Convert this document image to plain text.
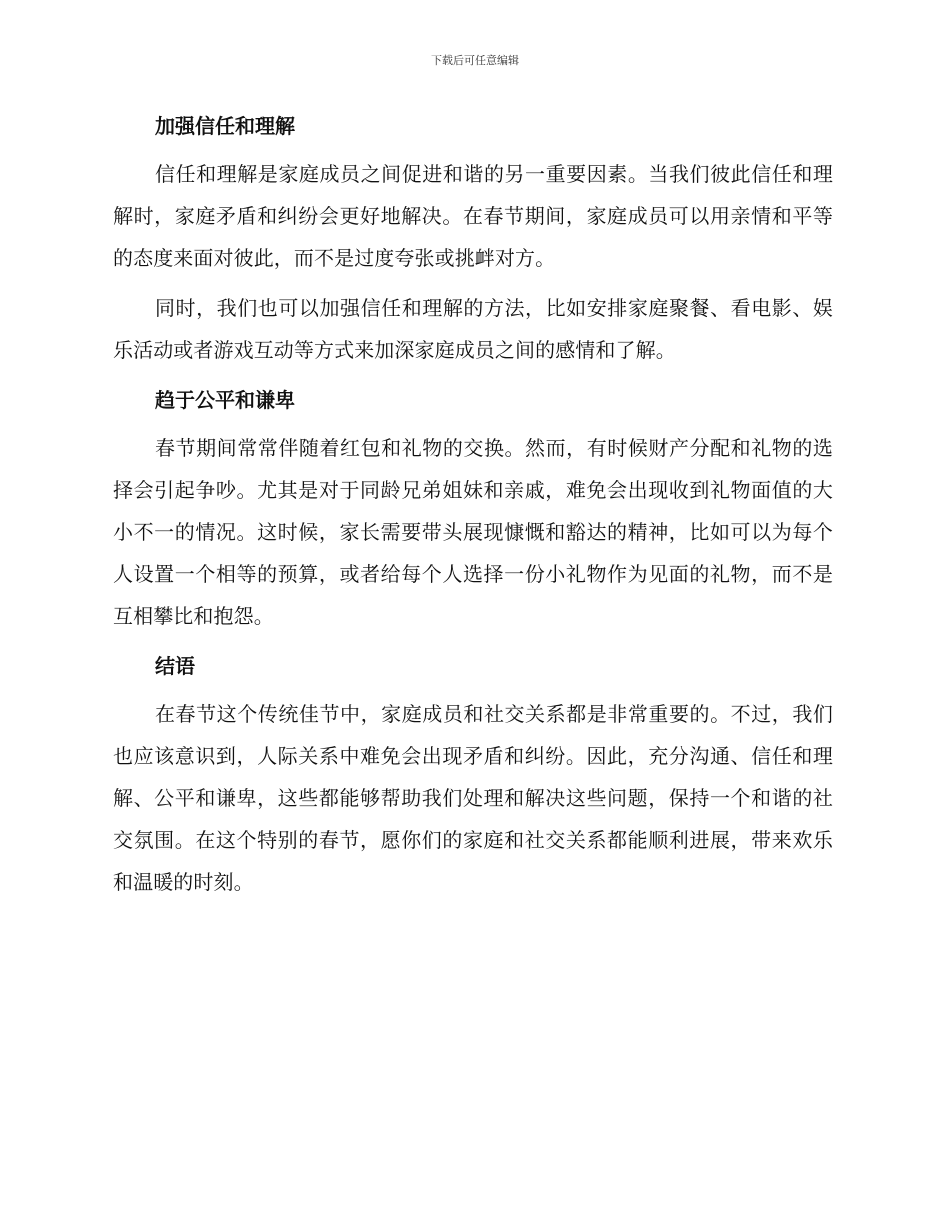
下载后可任意编辑
加强信任和理解

信任和理解是家庭成员之间促进和谐的另一重要因素。当我们彼此信任和理解时，家庭矛盾和纠纷会更好地解决。在春节期间，家庭成员可以用亲情和平等的态度来面对彼此，而不是过度夸张或挑衅对方。

同时，我们也可以加强信任和理解的方法，比如安排家庭聚餐、看电影、娱乐活动或者游戏互动等方式来加深家庭成员之间的感情和了解。

趋于公平和谦卑

春节期间常常伴随着红包和礼物的交换。然而，有时候财产分配和礼物的选择会引起争吵。尤其是对于同龄兄弟姐妹和亲戚，难免会出现收到礼物面值的大小不一的情况。这时候，家长需要带头展现慷慨和豁达的精神，比如可以为每个人设置一个相等的预算，或者给每个人选择一份小礼物作为见面的礼物，而不是互相攀比和抱怨。

结语

在春节这个传统佳节中，家庭成员和社交关系都是非常重要的。不过，我们也应该意识到，人际关系中难免会出现矛盾和纠纷。因此，充分沟通、信任和理解、公平和谦卑，这些都能够帮助我们处理和解决这些问题，保持一个和谐的社交氛围。在这个特别的春节，愿你们的家庭和社交关系都能顺利进展，带来欢乐和温暖的时刻。
